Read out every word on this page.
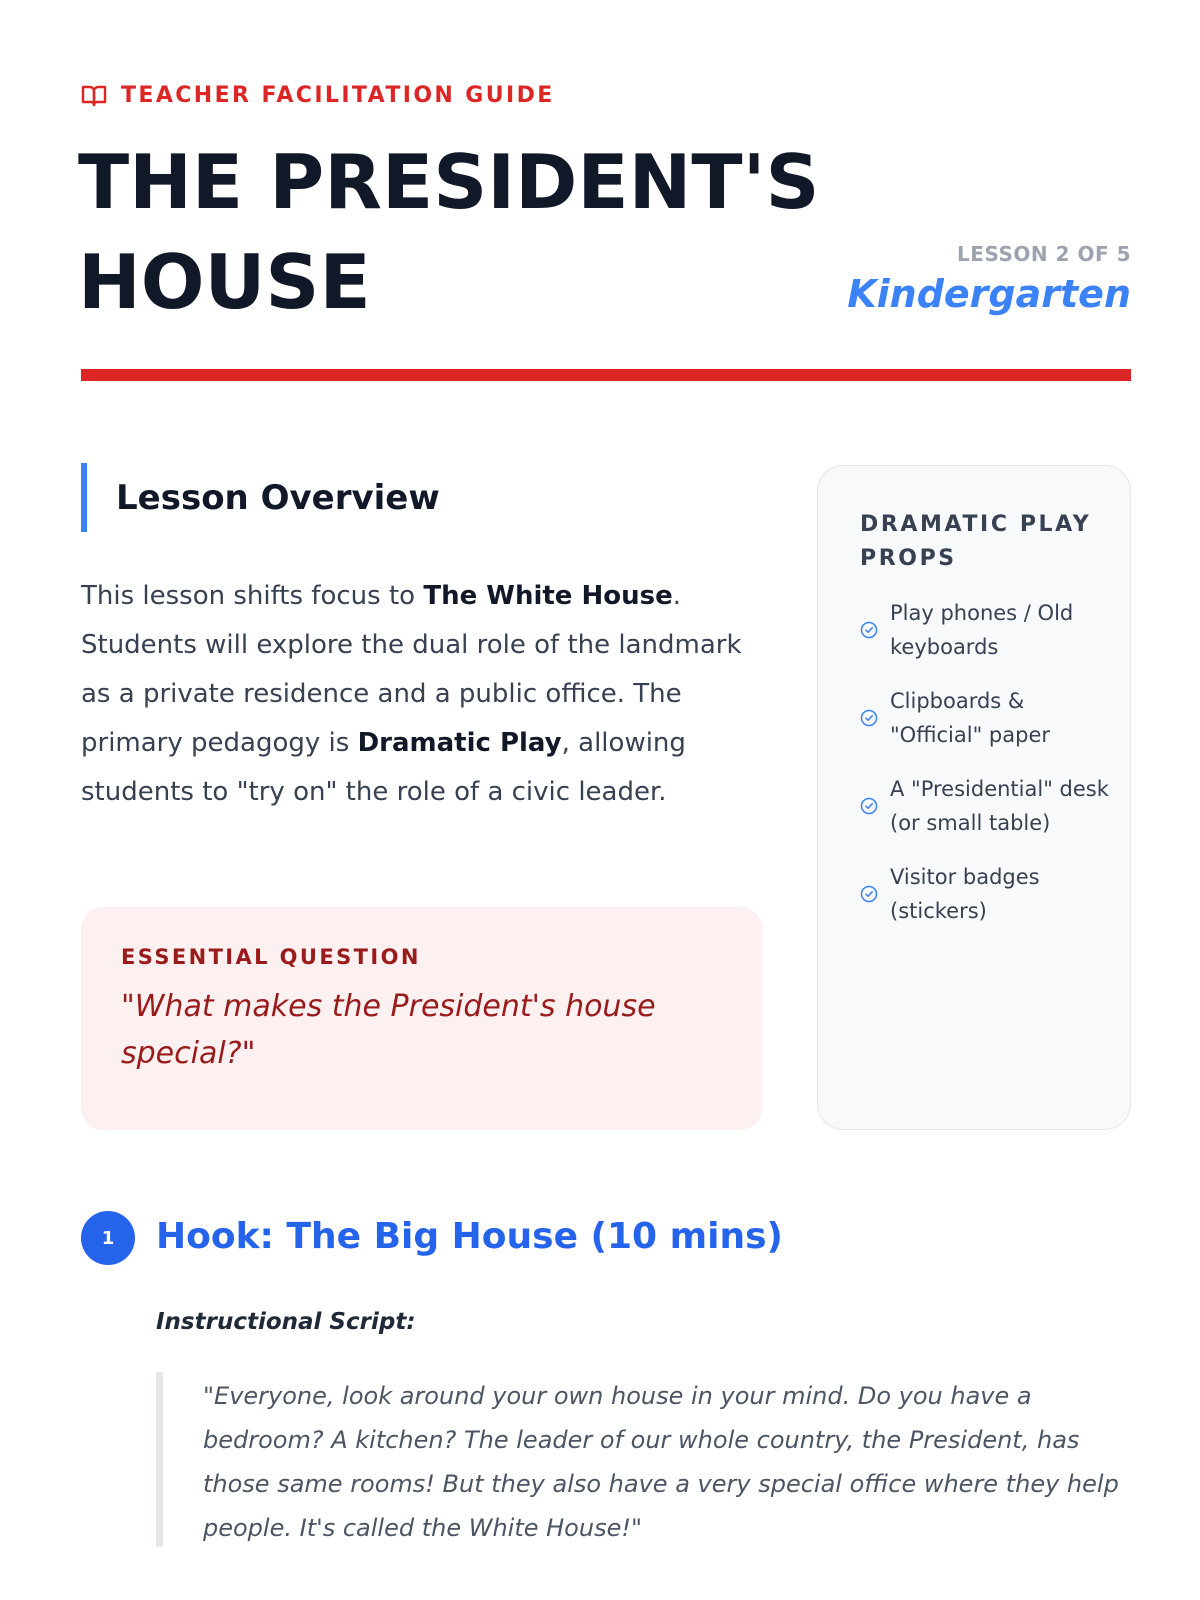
TEACHER FACILITATION GUIDE
THE PRESIDENT'S
HOUSE	LESSON 2 OF 5
Kindergarten
Lesson Overview

This lesson shifts focus to The White House. Students will explore the dual role of the landmark as a private residence and a public office. The primary pedagogy is Dramatic Play, allowing students to "try on" the role of a civic leader.

ESSENTIAL QUESTION
"What makes the President's house special?"
DRAMATIC PLAY PROPS
Play phones / Old keyboards
Clipboards & "Official" paper
A "Presidential" desk (or small table)
Visitor badges (stickers)
1	Hook: The Big House (10 mins)
Instructional Script:
"Everyone, look around your own house in your mind. Do you have a bedroom? A kitchen? The leader of our whole country, the President, has those same rooms! But they also have a very special office where they help people. It's called the White House!"
